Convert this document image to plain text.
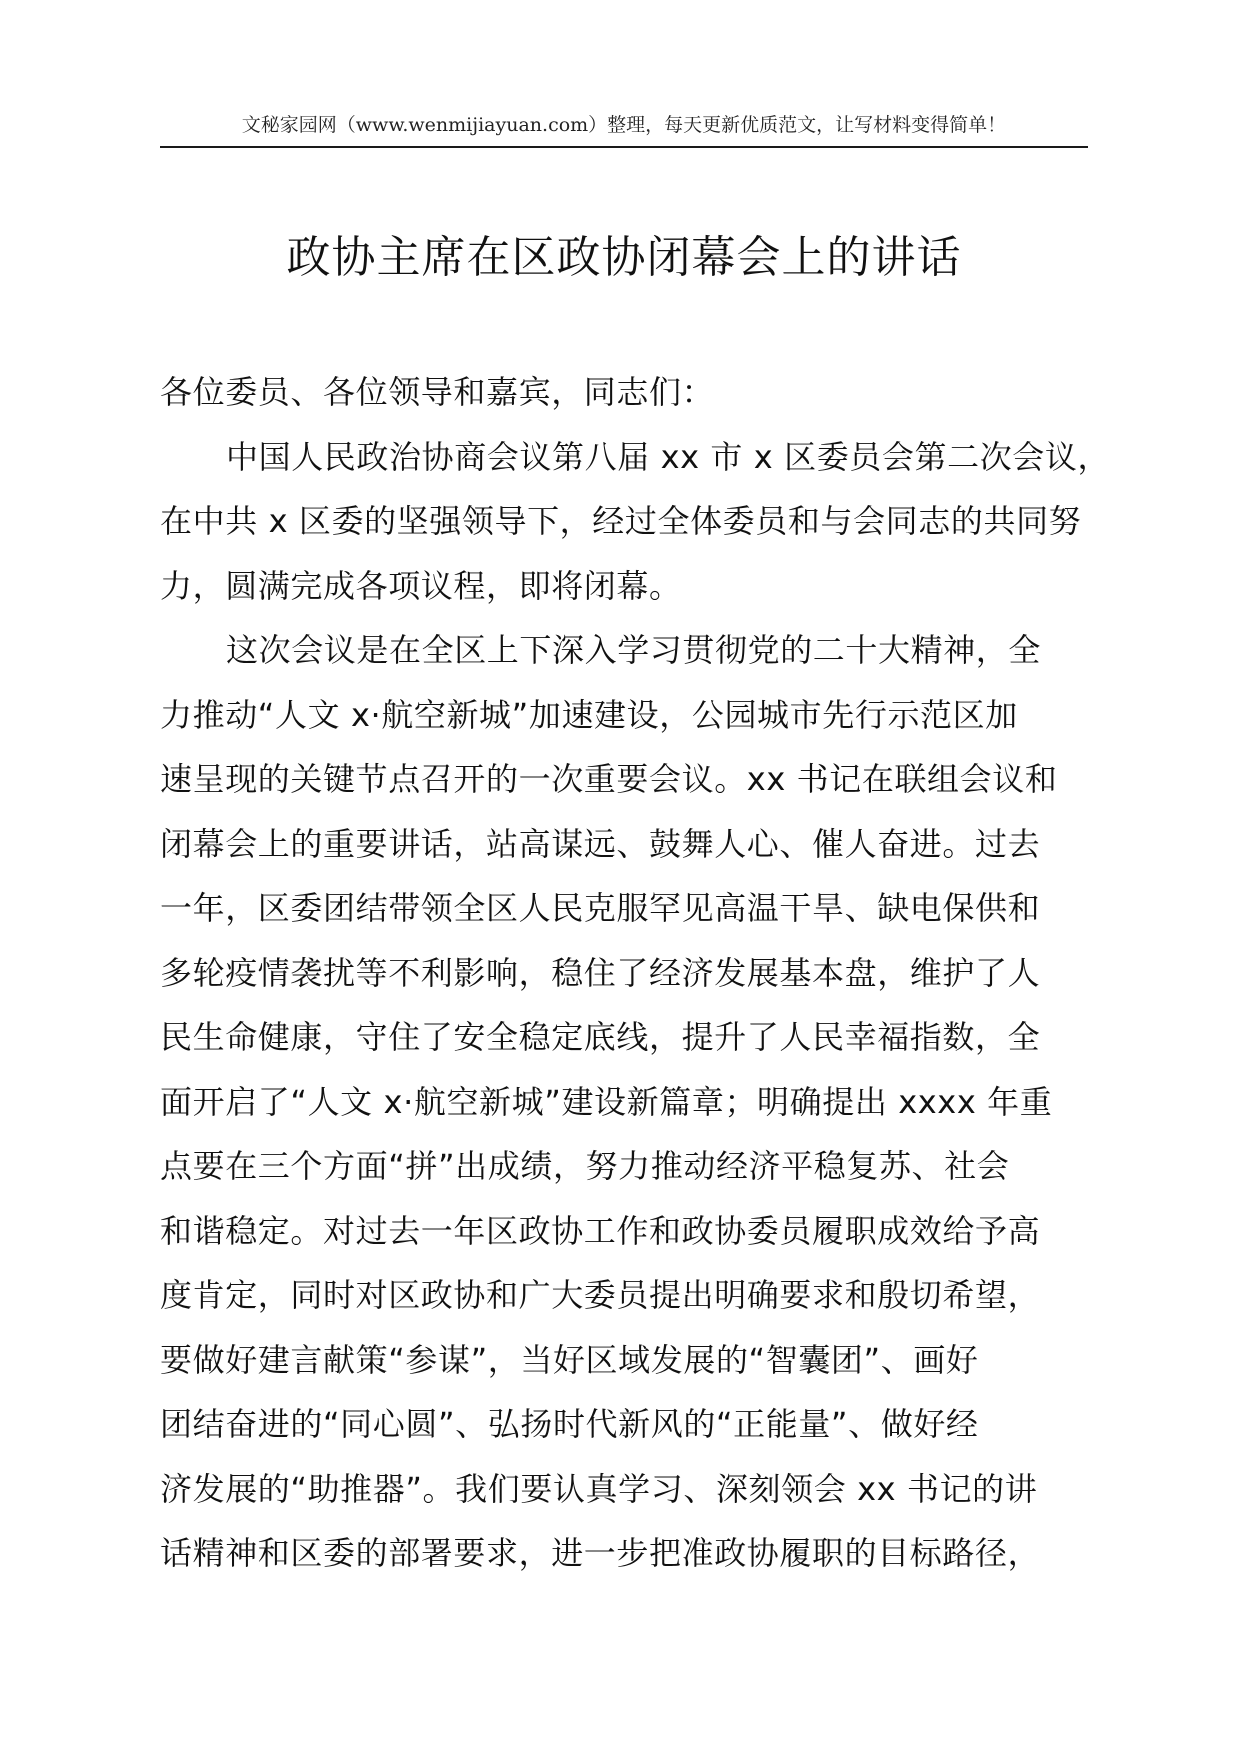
文秘家园网（www.wenmijiayuan.com）整理，每天更新优质范文，让写材料变得简单！
政协主席在区政协闭幕会上的讲话
各位委员、各位领导和嘉宾，同志们：
中国人民政治协商会议第八届 xx 市 x 区委员会第二次会议，
在中共 x 区委的坚强领导下，经过全体委员和与会同志的共同努
力，圆满完成各项议程，即将闭幕。
这次会议是在全区上下深入学习贯彻党的二十大精神，全
力推动“人文 x·航空新城”加速建设，公园城市先行示范区加
速呈现的关键节点召开的一次重要会议。xx 书记在联组会议和
闭幕会上的重要讲话，站高谋远、鼓舞人心、催人奋进。过去
一年，区委团结带领全区人民克服罕见高温干旱、缺电保供和
多轮疫情袭扰等不利影响，稳住了经济发展基本盘，维护了人
民生命健康，守住了安全稳定底线，提升了人民幸福指数，全
面开启了“人文 x·航空新城”建设新篇章；明确提出 xxxx 年重
点要在三个方面“拼”出成绩，努力推动经济平稳复苏、社会
和谐稳定。对过去一年区政协工作和政协委员履职成效给予高
度肯定，同时对区政协和广大委员提出明确要求和殷切希望，
要做好建言献策“参谋”，当好区域发展的“智囊团”、画好
团结奋进的“同心圆”、弘扬时代新风的“正能量”、做好经
济发展的“助推器”。我们要认真学习、深刻领会 xx 书记的讲
话精神和区委的部署要求，进一步把准政协履职的目标路径，
